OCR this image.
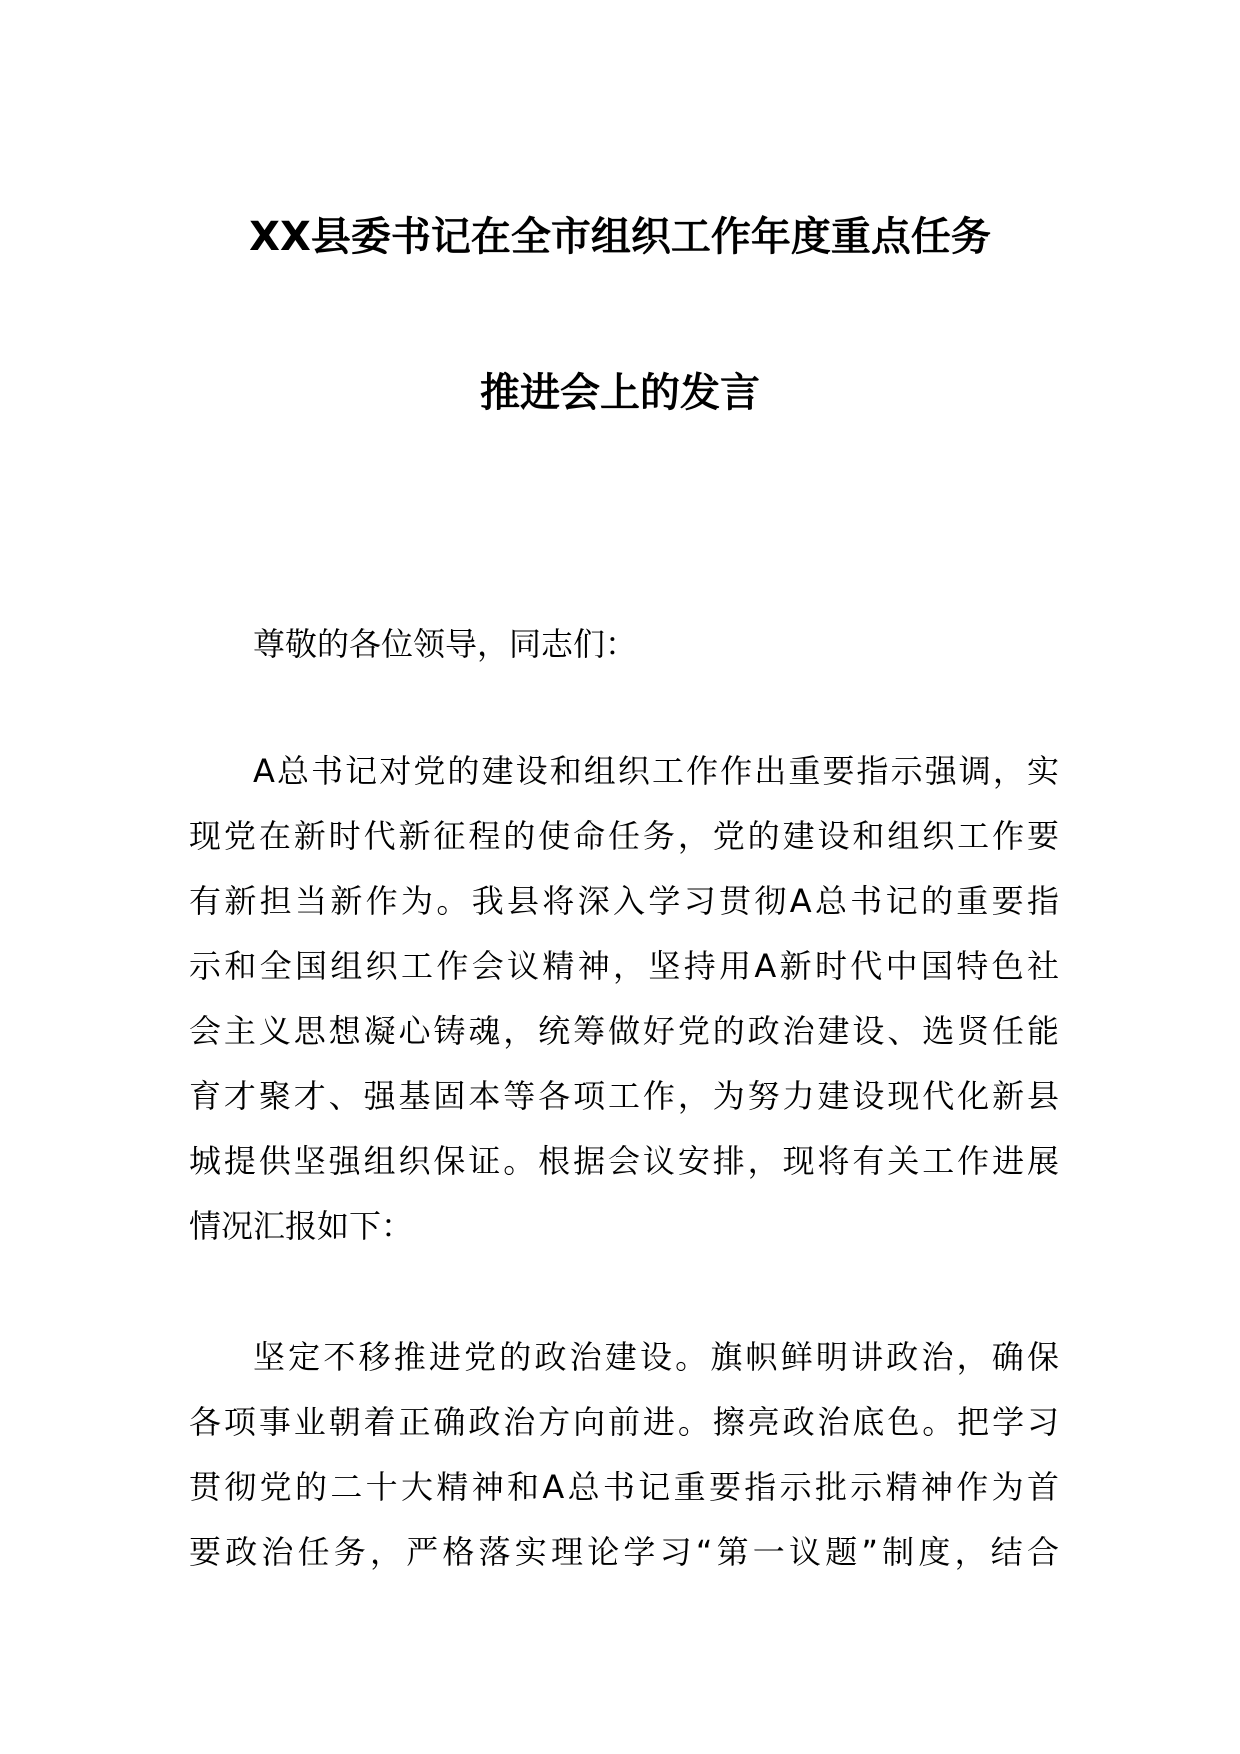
XX县委书记在全市组织工作年度重点任务
推进会上的发言
尊敬的各位领导，同志们：
A总书记对党的建设和组织工作作出重要指示强调，实
现党在新时代新征程的使命任务，党的建设和组织工作要
有新担当新作为。我县将深入学习贯彻A总书记的重要指
示和全国组织工作会议精神，坚持用A新时代中国特色社
会主义思想凝心铸魂，统筹做好党的政治建设、选贤任能
育才聚才、强基固本等各项工作，为努力建设现代化新县
城提供坚强组织保证。根据会议安排，现将有关工作进展
情况汇报如下：
坚定不移推进党的政治建设。旗帜鲜明讲政治，确保
各项事业朝着正确政治方向前进。擦亮政治底色。把学习
贯彻党的二十大精神和A总书记重要指示批示精神作为首
要政治任务，严格落实理论学习“第一议题”制度，结合
